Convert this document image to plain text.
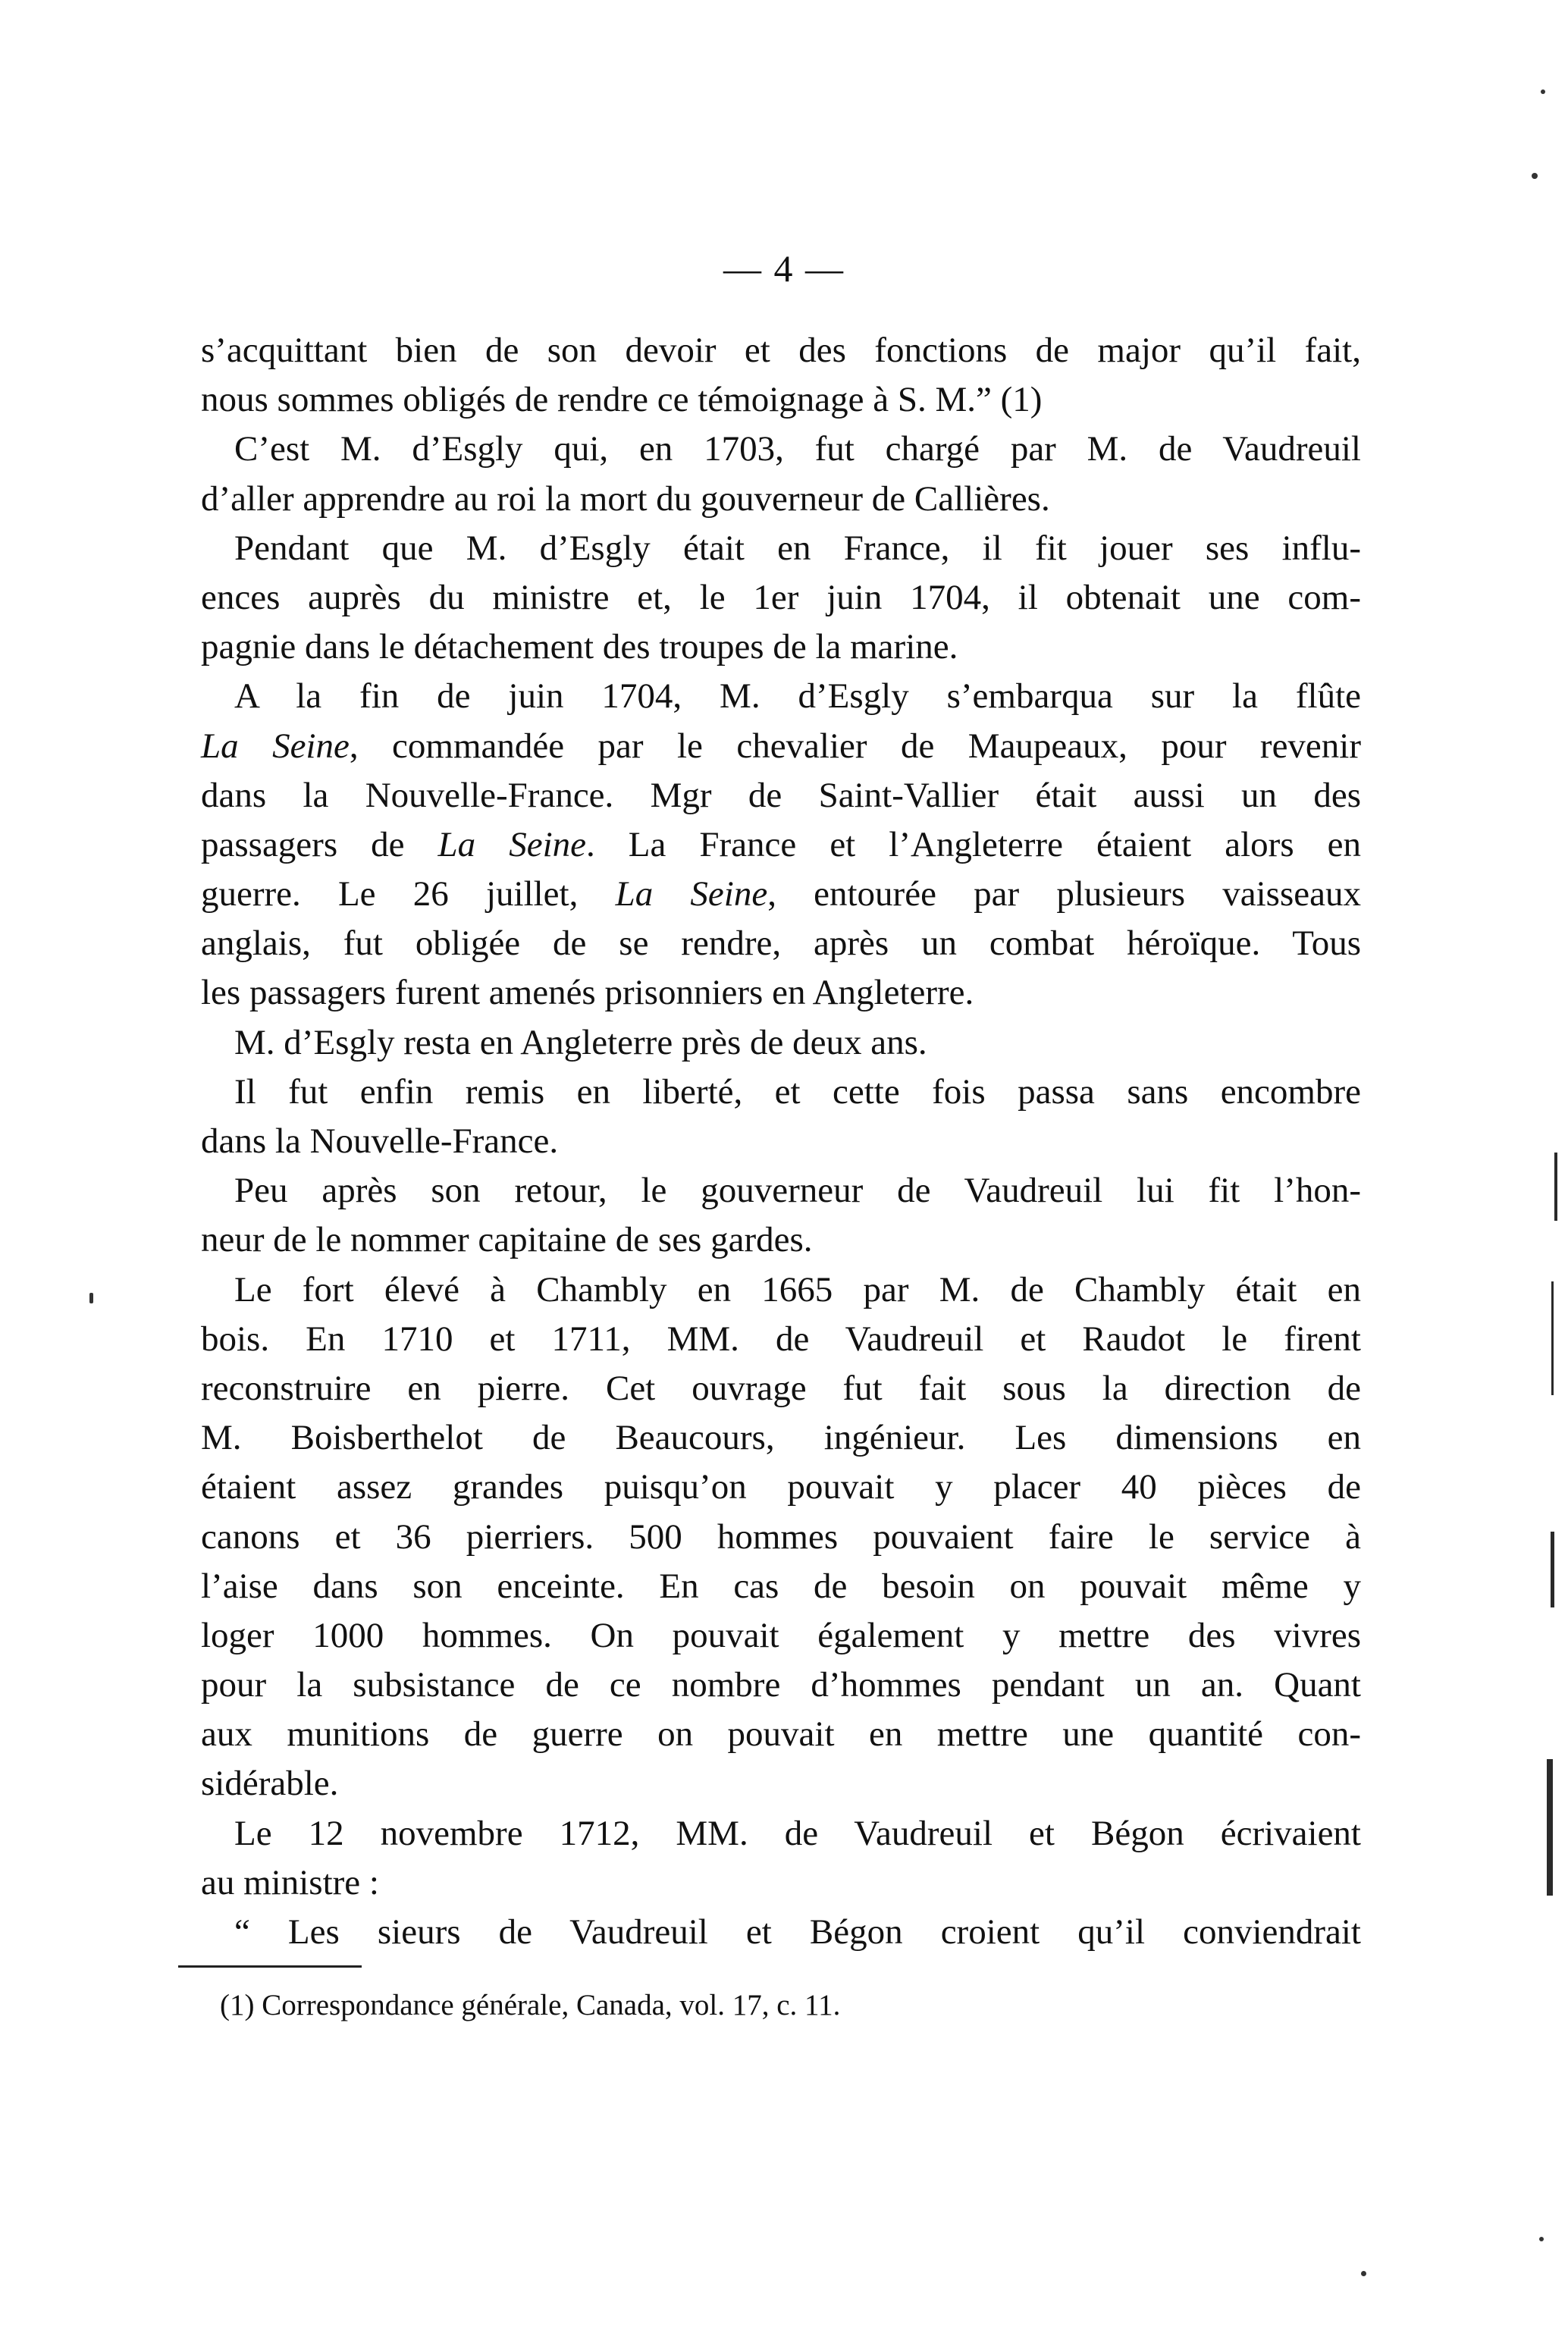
— 4 —
s’acquittant bien de son devoir et des fonctions de major qu’il fait,
nous sommes obligés de rendre ce témoignage à S. M.” (1)
C’est M. d’Esgly qui, en 1703, fut chargé par M. de Vaudreuil
d’aller apprendre au roi la mort du gouverneur de Callières.
Pendant que M. d’Esgly était en France, il fit jouer ses influ-
ences auprès du ministre et, le 1er juin 1704, il obtenait une com-
pagnie dans le détachement des troupes de la marine.
A la fin de juin 1704, M. d’Esgly s’embarqua sur la flûte
La Seine, commandée par le chevalier de Maupeaux, pour revenir
dans la Nouvelle-France. Mgr de Saint-Vallier était aussi un des
passagers de La Seine. La France et l’Angleterre étaient alors en
guerre. Le 26 juillet, La Seine, entourée par plusieurs vaisseaux
anglais, fut obligée de se rendre, après un combat héroïque. Tous
les passagers furent amenés prisonniers en Angleterre.
M. d’Esgly resta en Angleterre près de deux ans.
Il fut enfin remis en liberté, et cette fois passa sans encombre
dans la Nouvelle-France.
Peu après son retour, le gouverneur de Vaudreuil lui fit l’hon-
neur de le nommer capitaine de ses gardes.
Le fort élevé à Chambly en 1665 par M. de Chambly était en
bois. En 1710 et 1711, MM. de Vaudreuil et Raudot le firent
reconstruire en pierre. Cet ouvrage fut fait sous la direction de
M. Boisberthelot de Beaucours, ingénieur. Les dimensions en
étaient assez grandes puisqu’on pouvait y placer 40 pièces de
canons et 36 pierriers. 500 hommes pouvaient faire le service à
l’aise dans son enceinte. En cas de besoin on pouvait même y
loger 1000 hommes. On pouvait également y mettre des vivres
pour la subsistance de ce nombre d’hommes pendant un an. Quant
aux munitions de guerre on pouvait en mettre une quantité con-
sidérable.
Le 12 novembre 1712, MM. de Vaudreuil et Bégon écrivaient
au ministre :
“ Les sieurs de Vaudreuil et Bégon croient qu’il conviendrait
(1) Correspondance générale, Canada, vol. 17, c. 11.
